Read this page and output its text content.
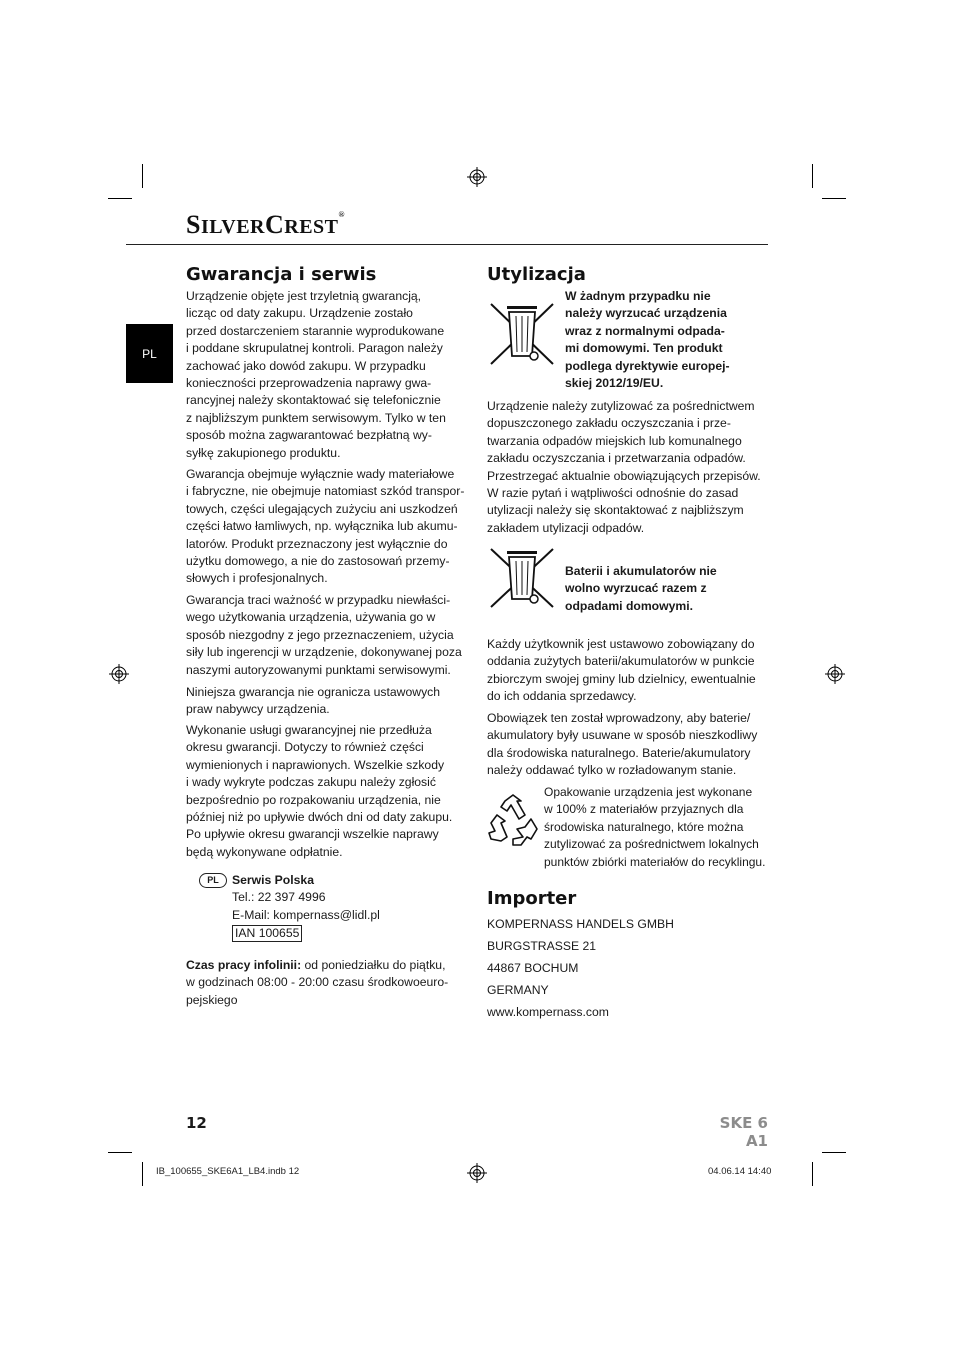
SILVERCREST®
PL
Gwarancja i serwis
Urządzenie objęte jest trzyletnią gwarancją,
licząc od daty zakupu. Urządzenie zostało
przed dostarczeniem starannie wyprodukowane
i poddane skrupulatnej kontroli. Paragon należy
zachować jako dowód zakupu. W przypadku
konieczności przeprowadzenia naprawy gwa-
rancyjnej należy skontaktować się telefonicznie
z najbliższym punktem serwisowym. Tylko w ten
sposób można zagwarantować bezpłatną wy-
syłkę zakupionego produktu.
Gwarancja obejmuje wyłącznie wady materiałowe
i fabryczne, nie obejmuje natomiast szkód transpor-
towych, części ulegających zużyciu ani uszkodzeń
części łatwo łamliwych, np. wyłącznika lub akumu-
latorów. Produkt przeznaczony jest wyłącznie do
użytku domowego, a nie do zastosowań przemy-
słowych i profesjonalnych.
Gwarancja traci ważność w przypadku niewłaści-
wego użytkowania urządzenia, używania go w
sposób niezgodny z jego przeznaczeniem, użycia
siły lub ingerencji w urządzenie, dokonywanej poza
naszymi autoryzowanymi punktami serwisowymi.
Niniejsza gwarancja nie ogranicza ustawowych
praw nabywcy urządzenia.
Wykonanie usługi gwarancyjnej nie przedłuża
okresu gwarancji. Dotyczy to również części
wymienionych i naprawionych. Wszelkie szkody
i wady wykryte podczas zakupu należy zgłosić
bezpośrednio po rozpakowaniu urządzenia, nie
później niż po upływie dwóch dni od daty zakupu.
Po upływie okresu gwarancji wszelkie naprawy
będą wykonywane odpłatnie.
PL	Serwis Polska
Tel.: 22 397 4996
E-Mail: kompernass@lidl.pl
IAN 100655
Czas pracy infolinii: od poniedziałku do piątku,
w godzinach 08:00 - 20:00 czasu środkowoeuro-
pejskiego
Utylizacja
W żadnym przypadku nie
należy wyrzucać urządzenia
wraz z normalnymi odpada-
mi domowymi. Ten produkt
podlega dyrektywie europej-
skiej 2012/19/EU.
Urządzenie należy zutylizować za pośrednictwem
dopuszczonego zakładu oczyszczania i prze-
twarzania odpadów miejskich lub komunalnego
zakładu oczyszczania i przetwarzania odpadów.
Przestrzegać aktualnie obowiązujących przepisów.
W razie pytań i wątpliwości odnośnie do zasad
utylizacji należy się skontaktować z najbliższym
zakładem utylizacji odpadów.
Baterii i akumulatorów nie
wolno wyrzucać razem z
odpadami domowymi.
Każdy użytkownik jest ustawowo zobowiązany do
oddania zużytych baterii/akumulatorów w punkcie
zbiorczym swojej gminy lub dzielnicy, ewentualnie
do ich oddania sprzedawcy.
Obowiązek ten został wprowadzony, aby baterie/
akumulatory były usuwane w sposób nieszkodliwy
dla środowiska naturalnego. Baterie/akumulatory
należy oddawać tylko w rozładowanym stanie.
Opakowanie urządzenia jest wykonane
w 100% z materiałów przyjaznych dla
środowiska naturalnego, które można
zutylizować za pośrednictwem lokalnych
punktów zbiórki materiałów do recyklingu.
Importer
KOMPERNASS HANDELS GMBH
BURGSTRASSE 21
44867 BOCHUM
GERMANY
www.kompernass.com
12	SKE 6 A1
IB_100655_SKE6A1_LB4.indb 12	04.06.14 14:40
